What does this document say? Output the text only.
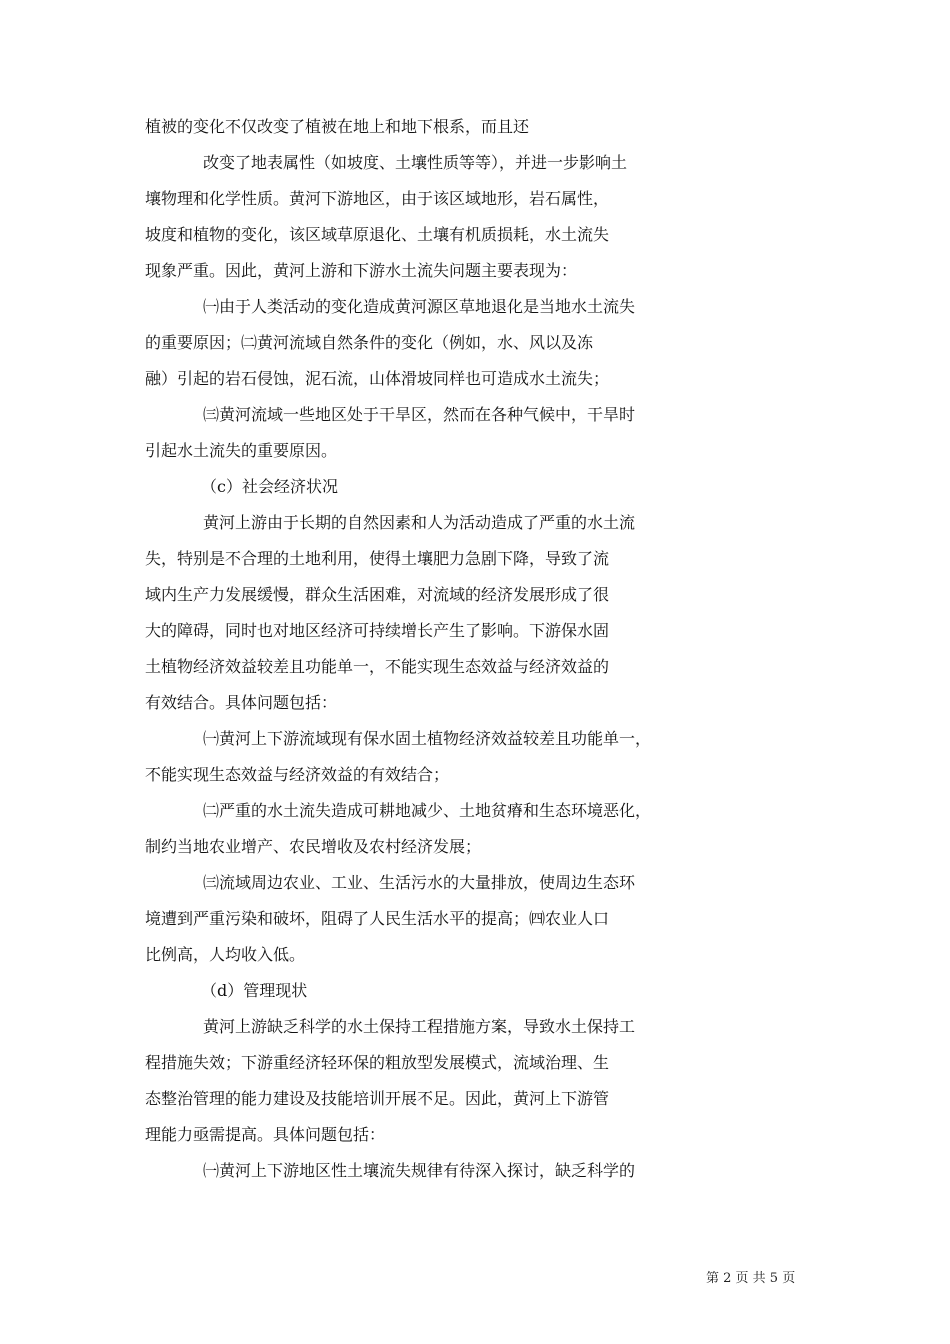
植被的变化不仅改变了植被在地上和地下根系，而且还
改变了地表属性（如坡度、土壤性质等等），并进一步影响土
壤物理和化学性质。黄河下游地区，由于该区域地形，岩石属性，
坡度和植物的变化，该区域草原退化、土壤有机质损耗，水土流失
现象严重。因此，黄河上游和下游水土流失问题主要表现为：
㈠由于人类活动的变化造成黄河源区草地退化是当地水土流失
的重要原因；㈡黄河流域自然条件的变化（例如，水、风以及冻
融）引起的岩石侵蚀，泥石流，山体滑坡同样也可造成水土流失；
㈢黄河流域一些地区处于干旱区，然而在各种气候中，干旱时
引起水土流失的重要原因。
（c）社会经济状况
黄河上游由于长期的自然因素和人为活动造成了严重的水土流
失，特别是不合理的土地利用，使得土壤肥力急剧下降，导致了流
域内生产力发展缓慢，群众生活困难，对流域的经济发展形成了很
大的障碍，同时也对地区经济可持续增长产生了影响。下游保水固
土植物经济效益较差且功能单一，不能实现生态效益与经济效益的
有效结合。具体问题包括：
㈠黄河上下游流域现有保水固土植物经济效益较差且功能单一，
不能实现生态效益与经济效益的有效结合；
㈡严重的水土流失造成可耕地减少、土地贫瘠和生态环境恶化，
制约当地农业增产、农民增收及农村经济发展；
㈢流域周边农业、工业、生活污水的大量排放，使周边生态环
境遭到严重污染和破坏，阻碍了人民生活水平的提高；㈣农业人口
比例高，人均收入低。
（d）管理现状
黄河上游缺乏科学的水土保持工程措施方案，导致水土保持工
程措施失效；下游重经济轻环保的粗放型发展模式，流域治理、生
态整治管理的能力建设及技能培训开展不足。因此，黄河上下游管
理能力亟需提高。具体问题包括：
㈠黄河上下游地区性土壤流失规律有待深入探讨，缺乏科学的
第 2 页 共 5 页
